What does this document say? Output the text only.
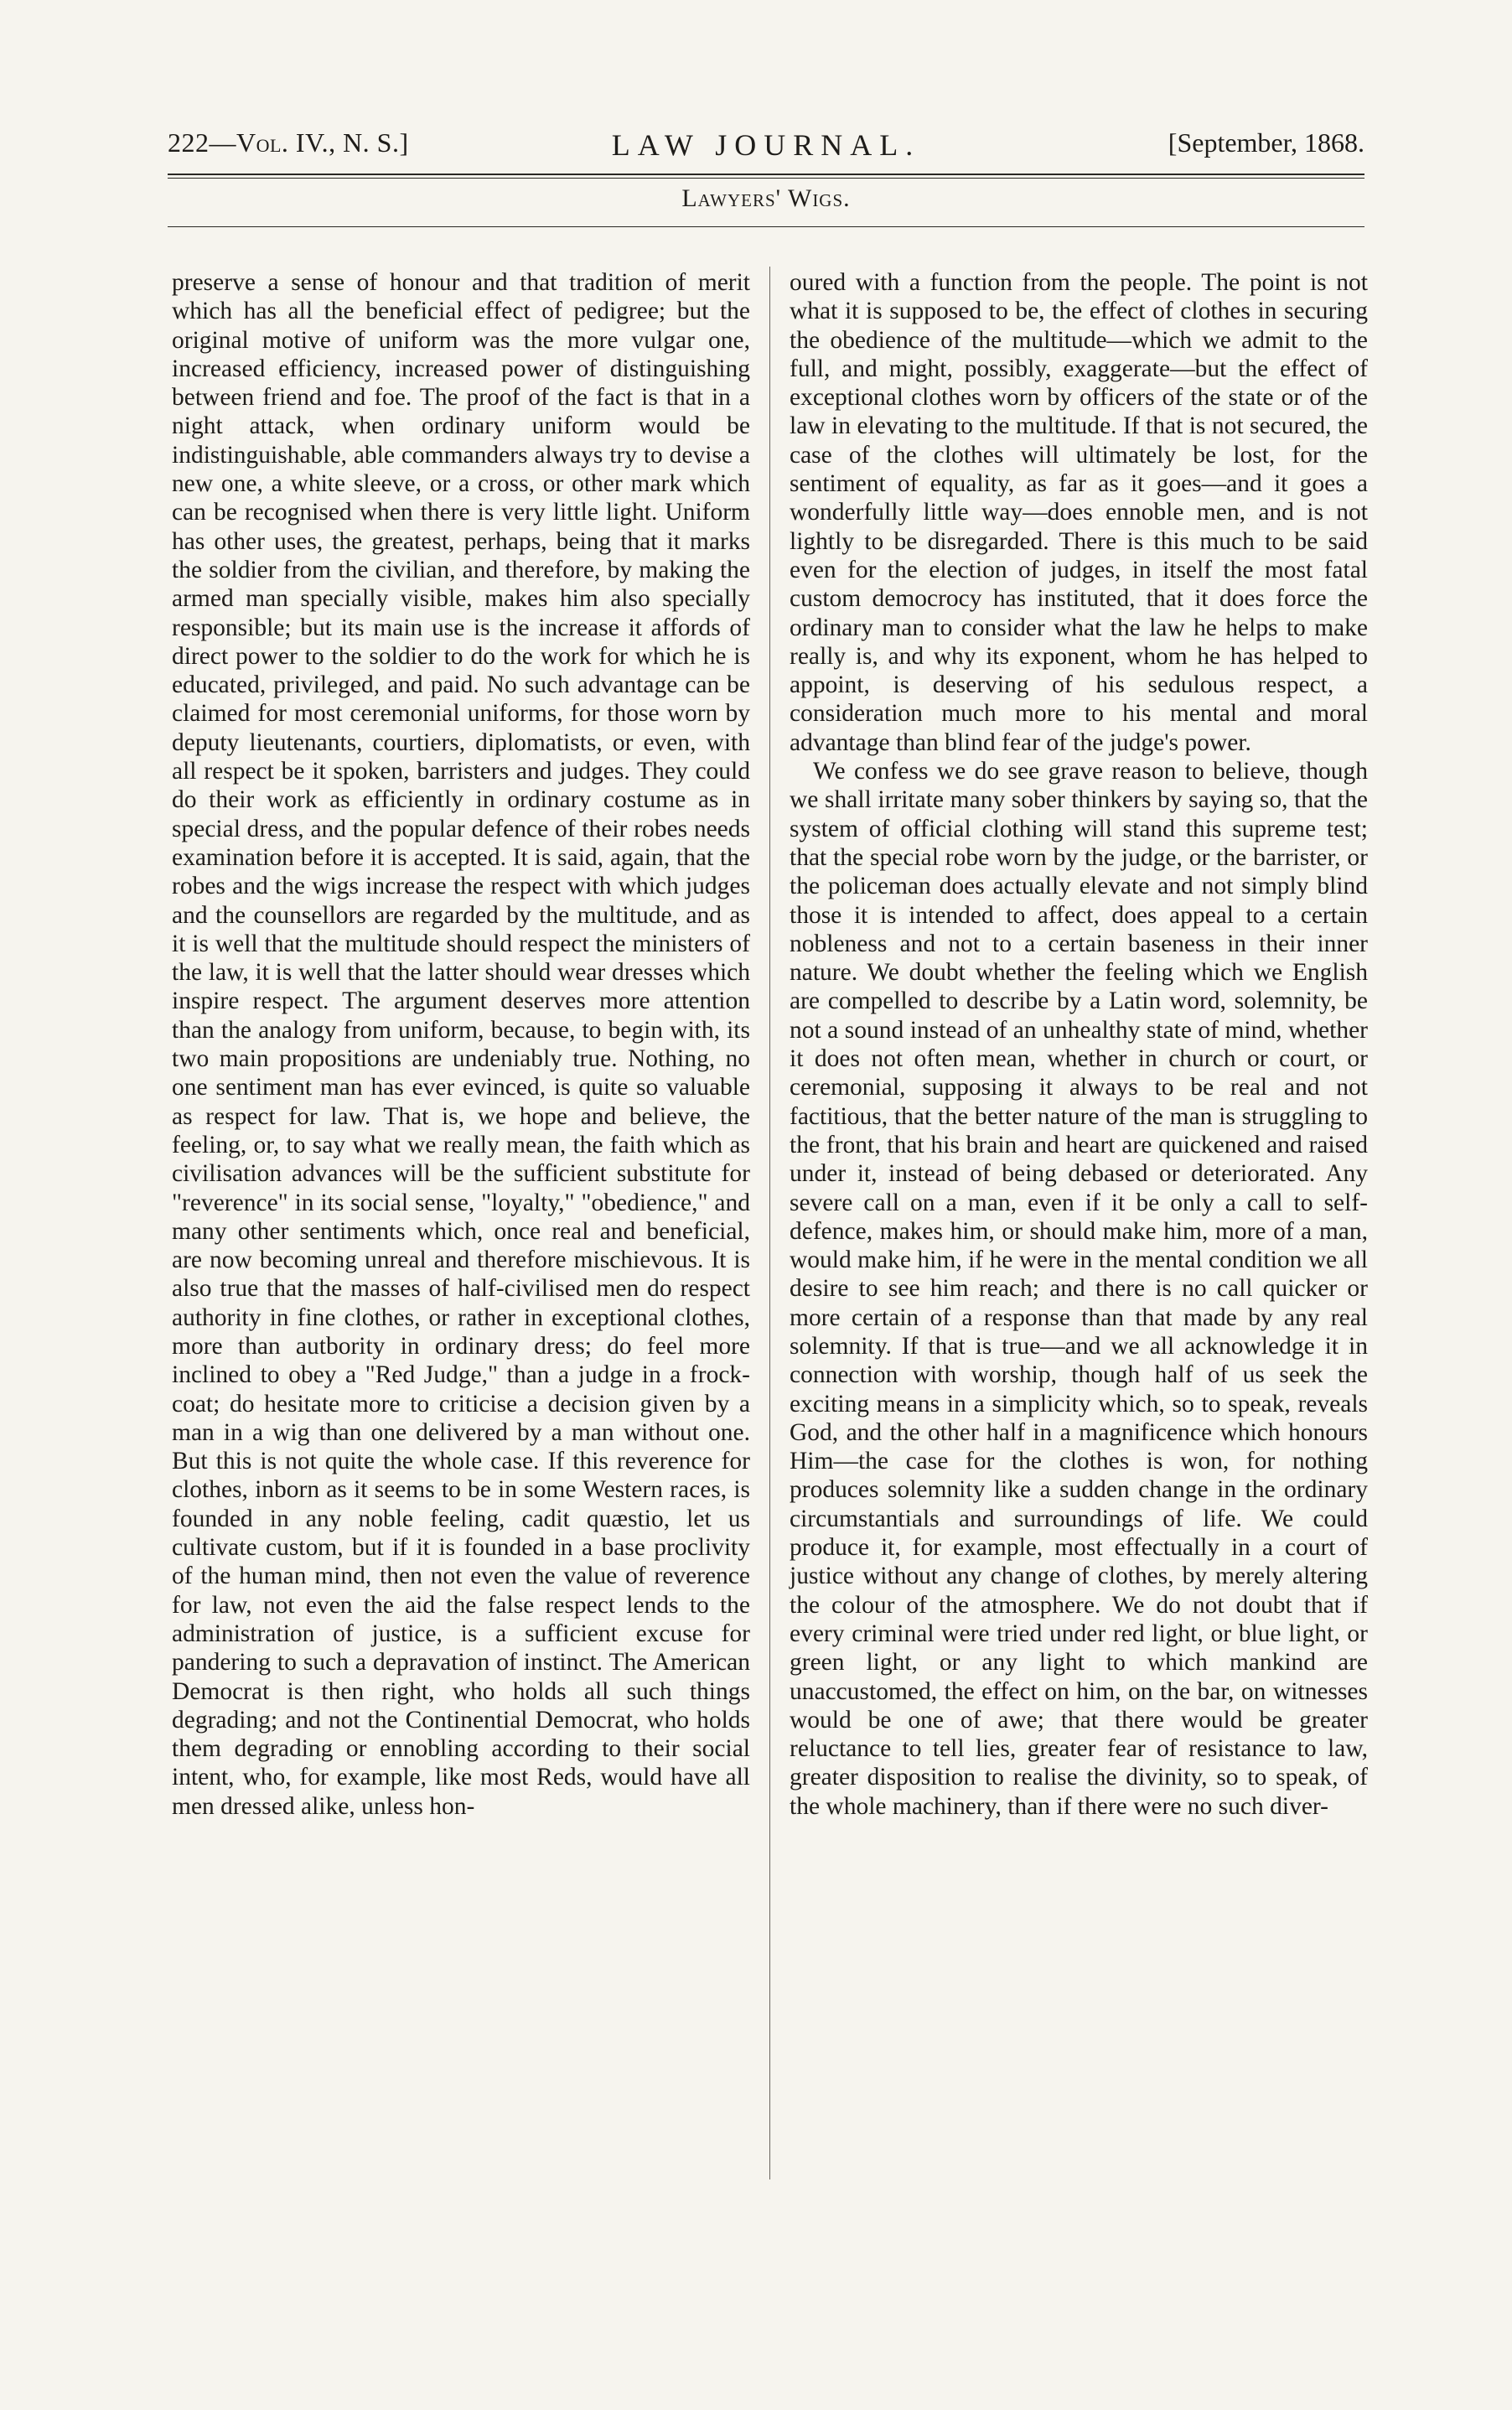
222—Vol. IV., N. S.]	LAW JOURNAL.	[September, 1868.
Lawyers' Wigs.

preserve a sense of honour and that tradition of merit which has all the beneficial effect of pedigree; but the original motive of uniform was the more vulgar one, increased efficiency, increased power of distinguishing between friend and foe. The proof of the fact is that in a night attack, when ordinary uniform would be indistinguishable, able commanders always try to devise a new one, a white sleeve, or a cross, or other mark which can be recognised when there is very little light. Uniform has other uses, the greatest, perhaps, being that it marks the soldier from the civilian, and therefore, by making the armed man specially visible, makes him also specially responsible; but its main use is the increase it affords of direct power to the soldier to do the work for which he is educated, privileged, and paid. No such advantage can be claimed for most ceremonial uniforms, for those worn by deputy lieutenants, courtiers, diplomatists, or even, with all respect be it spoken, barristers and judges. They could do their work as efficiently in ordinary costume as in special dress, and the popular defence of their robes needs examination before it is accepted. It is said, again, that the robes and the wigs increase the respect with which judges and the counsellors are regarded by the multitude, and as it is well that the multitude should respect the ministers of the law, it is well that the latter should wear dresses which inspire respect. The argument deserves more attention than the analogy from uniform, because, to begin with, its two main propositions are undeniably true. Nothing, no one sentiment man has ever evinced, is quite so valuable as respect for law. That is, we hope and believe, the feeling, or, to say what we really mean, the faith which as civilisation advances will be the sufficient substitute for "reverence" in its social sense, "loyalty," "obedience," and many other sentiments which, once real and beneficial, are now becoming unreal and therefore mischievous. It is also true that the masses of half-civilised men do respect authority in fine clothes, or rather in exceptional clothes, more than autbority in ordinary dress; do feel more inclined to obey a "Red Judge," than a judge in a frock-coat; do hesitate more to criticise a decision given by a man in a wig than one delivered by a man without one. But this is not quite the whole case. If this reverence for clothes, inborn as it seems to be in some Western races, is founded in any noble feeling, cadit quæstio, let us cultivate custom, but if it is founded in a base proclivity of the human mind, then not even the value of reverence for law, not even the aid the false respect lends to the administration of justice, is a sufficient excuse for pandering to such a depravation of instinct. The American Democrat is then right, who holds all such things degrading; and not the Continential Democrat, who holds them degrading or ennobling according to their social intent, who, for example, like most Reds, would have all men dressed alike, unless hon-

oured with a function from the people. The point is not what it is supposed to be, the effect of clothes in securing the obedience of the multitude—which we admit to the full, and might, possibly, exaggerate—but the effect of exceptional clothes worn by officers of the state or of the law in elevating to the multitude. If that is not secured, the case of the clothes will ultimately be lost, for the sentiment of equality, as far as it goes—and it goes a wonderfully little way—does ennoble men, and is not lightly to be disregarded. There is this much to be said even for the election of judges, in itself the most fatal custom democrocy has instituted, that it does force the ordinary man to consider what the law he helps to make really is, and why its exponent, whom he has helped to appoint, is deserving of his sedulous respect, a consideration much more to his mental and moral advantage than blind fear of the judge's power.

We confess we do see grave reason to believe, though we shall irritate many sober thinkers by saying so, that the system of official clothing will stand this supreme test; that the special robe worn by the judge, or the barrister, or the policeman does actually elevate and not simply blind those it is intended to affect, does appeal to a certain nobleness and not to a certain baseness in their inner nature. We doubt whether the feeling which we English are compelled to describe by a Latin word, solemnity, be not a sound instead of an unhealthy state of mind, whether it does not often mean, whether in church or court, or ceremonial, supposing it always to be real and not factitious, that the better nature of the man is struggling to the front, that his brain and heart are quickened and raised under it, instead of being debased or deteriorated. Any severe call on a man, even if it be only a call to self-defence, makes him, or should make him, more of a man, would make him, if he were in the mental condition we all desire to see him reach; and there is no call quicker or more certain of a response than that made by any real solemnity. If that is true—and we all acknowledge it in connection with worship, though half of us seek the exciting means in a simplicity which, so to speak, reveals God, and the other half in a magnificence which honours Him—the case for the clothes is won, for nothing produces solemnity like a sudden change in the ordinary circumstantials and surroundings of life. We could produce it, for example, most effectually in a court of justice without any change of clothes, by merely altering the colour of the atmosphere. We do not doubt that if every criminal were tried under red light, or blue light, or green light, or any light to which mankind are unaccustomed, the effect on him, on the bar, on witnesses would be one of awe; that there would be greater reluctance to tell lies, greater fear of resistance to law, greater disposition to realise the divinity, so to speak, of the whole machinery, than if there were no such diver-
